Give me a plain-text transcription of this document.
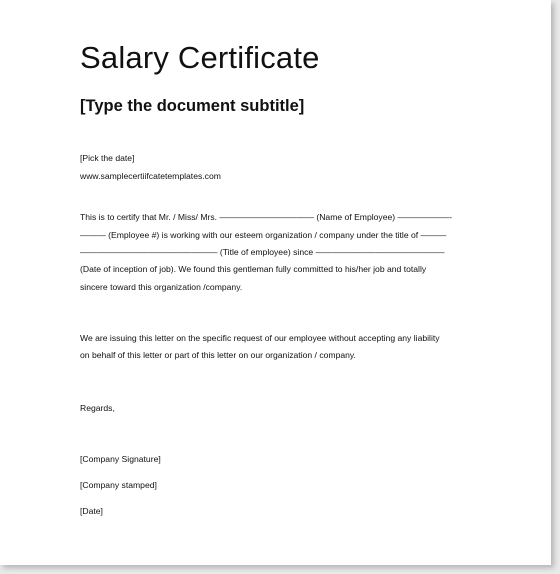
Salary Certificate
[Type the document subtitle]
[Pick the date]
www.samplecertiifcatetemplates.com
This is to certify that Mr. / Miss/ Mrs. ——————————— (Name of Employee) ——————-
——— (Employee #) is working with our esteem organization / company under the title of ———
———————————————— (Title of employee) since ———————————————
(Date of inception of job). We found this gentleman fully committed to his/her job and totally
sincere toward this organization /company.
We are issuing this letter on the specific request of our employee without accepting any liability
on behalf of this letter or part of this letter on our organization / company.
Regards,
[Company Signature]
[Company stamped]
[Date]
